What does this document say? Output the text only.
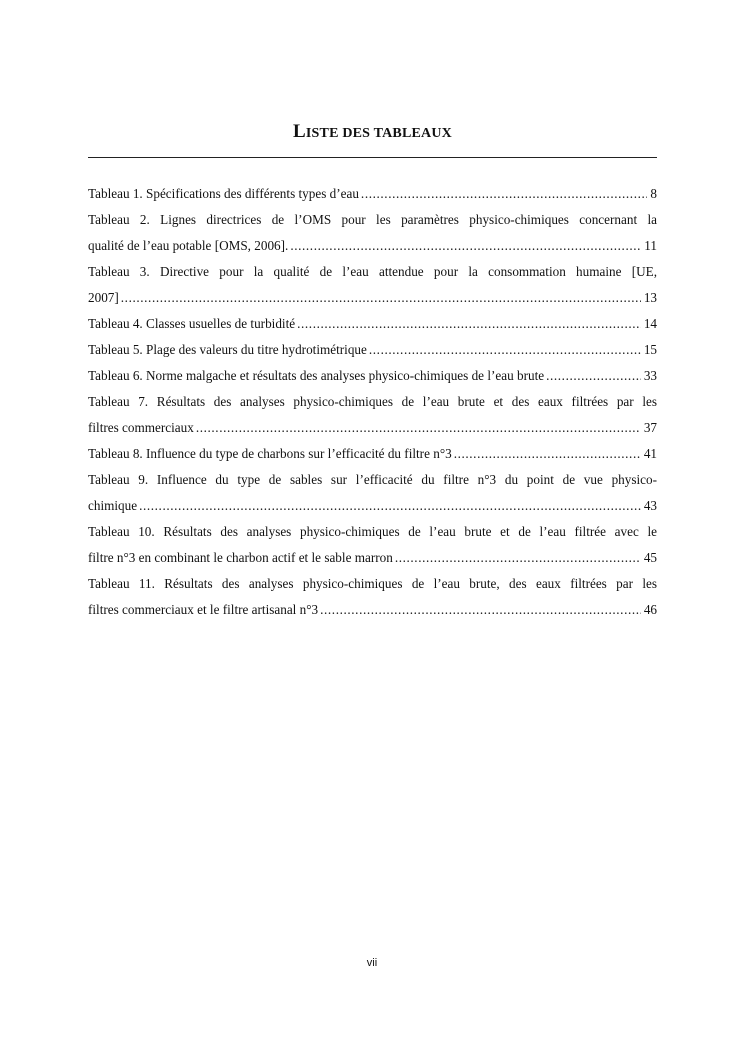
LISTE DES TABLEAUX
Tableau 1. Spécifications des différents types d’eau .....	8
Tableau 2. Lignes directrices de l’OMS pour les paramètres physico-chimiques concernant la
qualité de l’eau potable [OMS, 2006]. .....	11
Tableau 3. Directive pour la qualité de l’eau attendue pour la consommation humaine [UE,
2007] .....	13
Tableau 4. Classes usuelles de turbidité .....	14
Tableau 5. Plage des valeurs du titre hydrotimétrique .....	15
Tableau 6. Norme malgache et résultats des analyses physico-chimiques de l’eau brute .....	33
Tableau 7. Résultats des analyses physico-chimiques de l’eau brute et des eaux filtrées par les
filtres commerciaux .....	37
Tableau 8. Influence du type de charbons sur l’efficacité du filtre n°3 .....	41
Tableau 9. Influence du type de sables sur l’efficacité du filtre n°3 du point de vue physico-
chimique .....	43
Tableau 10. Résultats des analyses physico-chimiques de l’eau brute et de l’eau filtrée avec le
filtre n°3 en combinant le charbon actif et le sable marron .....	45
Tableau 11. Résultats des analyses physico-chimiques de l’eau brute, des eaux filtrées par les
filtres commerciaux et le filtre artisanal n°3 .....	46
vii
